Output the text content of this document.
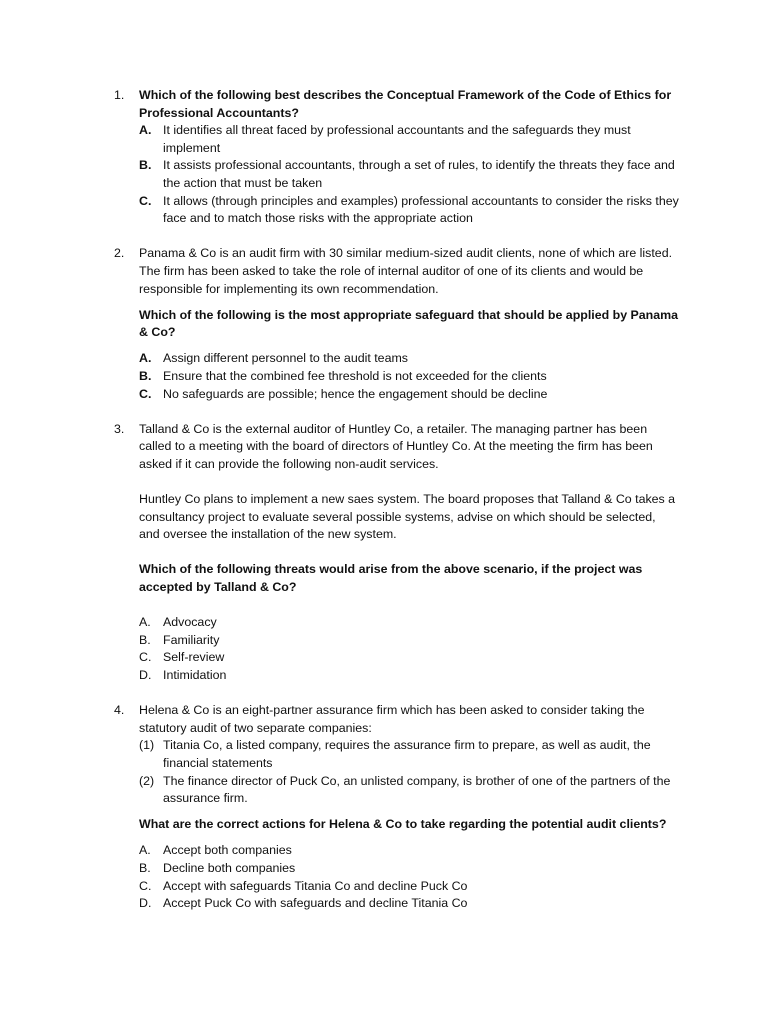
1. Which of the following best describes the Conceptual Framework of the Code of Ethics for Professional Accountants?

A. It identifies all threat faced by professional accountants and the safeguards they must implement
B. It assists professional accountants, through a set of rules, to identify the threats they face and the action that must be taken
C. It allows (through principles and examples) professional accountants to consider the risks they face and to match those risks with the appropriate action
2. Panama & Co is an audit firm with 30 similar medium-sized audit clients, none of which are listed. The firm has been asked to take the role of internal auditor of one of its clients and would be responsible for implementing its own recommendation.

Which of the following is the most appropriate safeguard that should be applied by Panama & Co?

A. Assign different personnel to the audit teams
B. Ensure that the combined fee threshold is not exceeded for the clients
C. No safeguards are possible; hence the engagement should be decline
3. Talland & Co is the external auditor of Huntley Co, a retailer. The managing partner has been called to a meeting with the board of directors of Huntley Co. At the meeting the firm has been asked if it can provide the following non-audit services.

Huntley Co plans to implement a new saes system. The board proposes that Talland & Co takes a consultancy project to evaluate several possible systems, advise on which should be selected, and oversee the installation of the new system.

Which of the following threats would arise from the above scenario, if the project was accepted by Talland & Co?

A. Advocacy
B. Familiarity
C. Self-review
D. Intimidation
4. Helena & Co is an eight-partner assurance firm which has been asked to consider taking the statutory audit of two separate companies:

(1) Titania Co, a listed company, requires the assurance firm to prepare, as well as audit, the financial statements
(2) The finance director of Puck Co, an unlisted company, is brother of one of the partners of the assurance firm.

What are the correct actions for Helena & Co to take regarding the potential audit clients?

A. Accept both companies
B. Decline both companies
C. Accept with safeguards Titania Co and decline Puck Co
D. Accept Puck Co with safeguards and decline Titania Co
